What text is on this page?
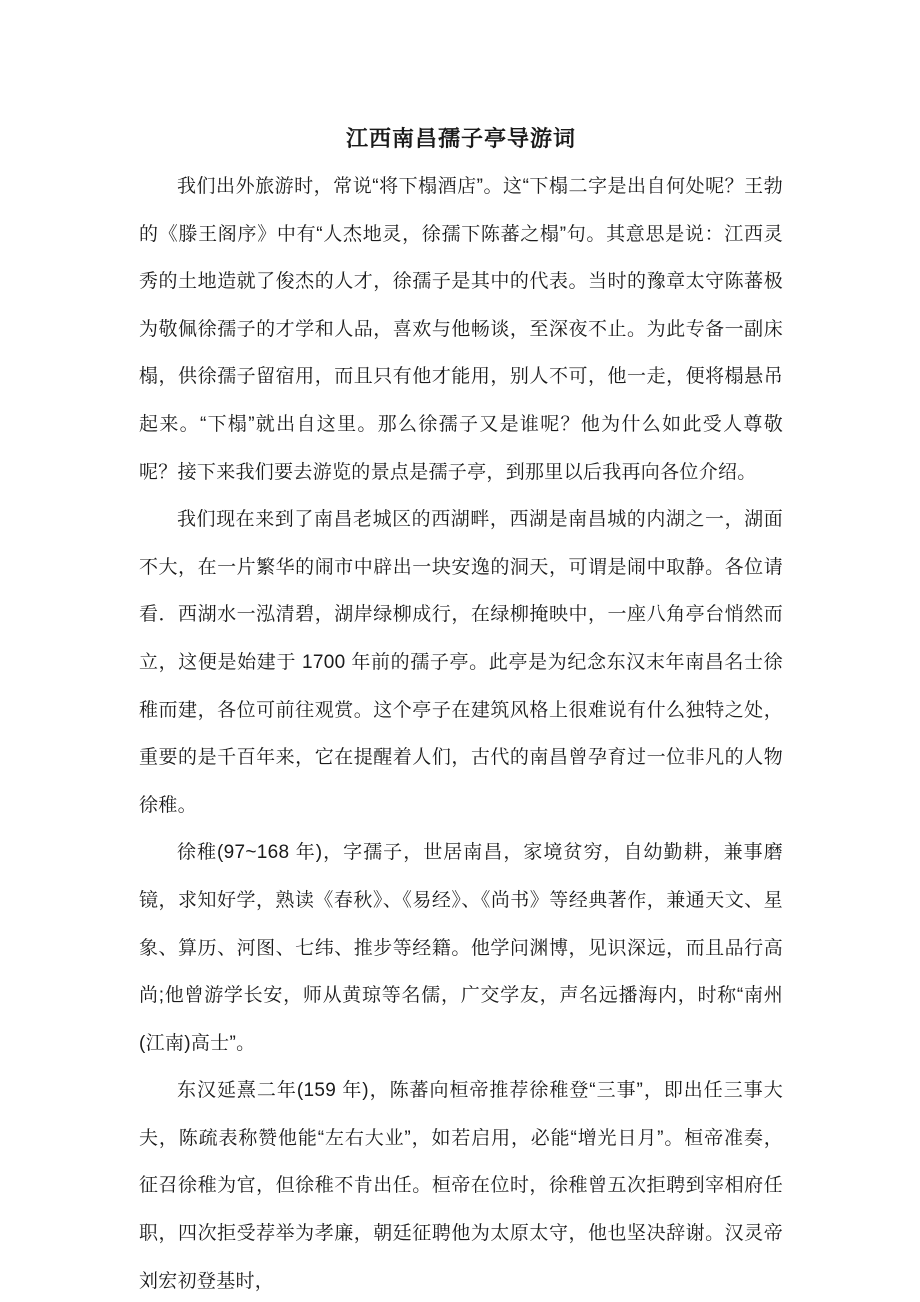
江西南昌孺子亭导游词

我们出外旅游时，常说“将下榻酒店”。这“下榻二字是出自何处呢？王勃的《滕王阁序》中有“人杰地灵，徐孺下陈蕃之榻”句。其意思是说：江西灵秀的土地造就了俊杰的人才，徐孺子是其中的代表。当时的豫章太守陈蕃极为敬佩徐孺子的才学和人品，喜欢与他畅谈，至深夜不止。为此专备一副床榻，供徐孺子留宿用，而且只有他才能用，别人不可，他一走，便将榻悬吊起来。“下榻”就出自这里。那么徐孺子又是谁呢？他为什么如此受人尊敬呢？接下来我们要去游览的景点是孺子亭，到那里以后我再向各位介绍。

我们现在来到了南昌老城区的西湖畔，西湖是南昌城的内湖之一，湖面不大，在一片繁华的闹市中辟出一块安逸的洞天，可谓是闹中取静。各位请看．西湖水一泓清碧，湖岸绿柳成行，在绿柳掩映中，一座八角亭台悄然而立，这便是始建于 1700 年前的孺子亭。此亭是为纪念东汉末年南昌名士徐稚而建，各位可前往观赏。这个亭子在建筑风格上很难说有什么独特之处，重要的是千百年来，它在提醒着人们，古代的南昌曾孕育过一位非凡的人物徐稚。

徐稚(97~168 年)，字孺子，世居南昌，家境贫穷，自幼勤耕，兼事磨镜，求知好学，熟读《春秋》、《易经》、《尚书》等经典著作，兼通天文、星象、算历、河图、七纬、推步等经籍。他学问渊博，见识深远，而且品行高尚;他曾游学长安，师从黄琼等名儒，广交学友，声名远播海内，时称“南州(江南)高士”。

东汉延熹二年(159 年)，陈蕃向桓帝推荐徐稚登“三事”，即出任三事大夫，陈疏表称赞他能“左右大业”，如若启用，必能“增光日月”。桓帝准奏，征召徐稚为官，但徐稚不肯出任。桓帝在位时，徐稚曾五次拒聘到宰相府任职，四次拒受荐举为孝廉，朝廷征聘他为太原太守，他也坚决辞谢。汉灵帝刘宏初登基时，
